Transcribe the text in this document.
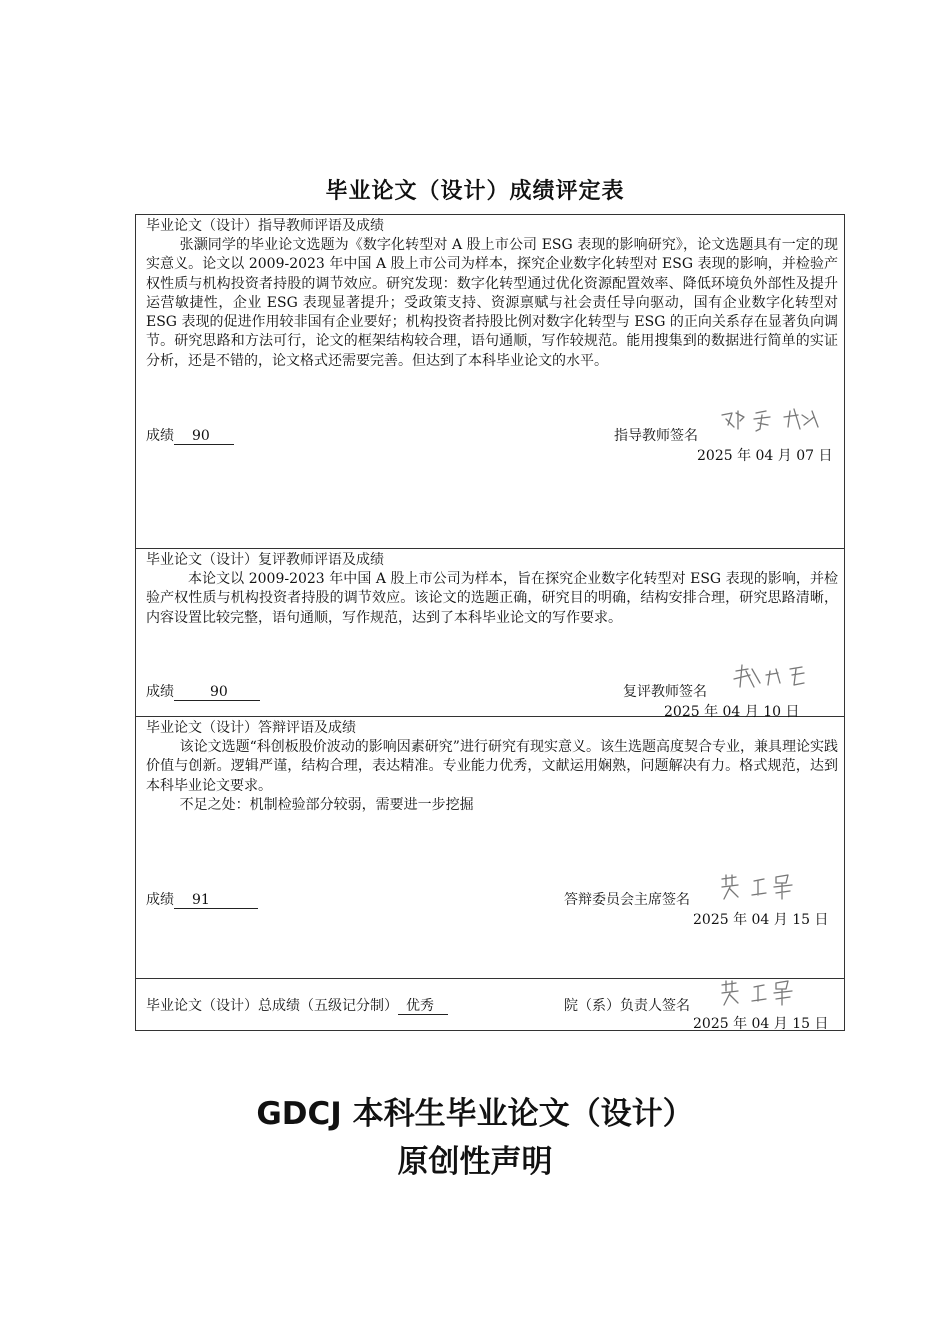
毕业论文（设计）成绩评定表
毕业论文（设计）指导教师评语及成绩

张灏同学的毕业论文选题为《数字化转型对 A 股上市公司 ESG 表现的影响研究》，论文选题具有一定的现实意义。论文以 2009-2023 年中国 A 股上市公司为样本，探究企业数字化转型对 ESG 表现的影响，并检验产权性质与机构投资者持股的调节效应。研究发现：数字化转型通过优化资源配置效率、降低环境负外部性及提升运营敏捷性，企业 ESG 表现显著提升；受政策支持、资源禀赋与社会责任导向驱动，国有企业数字化转型对 ESG 表现的促进作用较非国有企业要好；机构投资者持股比例对数字化转型与 ESG 的正向关系存在显著负向调节。研究思路和方法可行，论文的框架结构较合理，语句通顺，写作较规范。能用搜集到的数据进行简单的实证分析，还是不错的，论文格式还需要完善。但达到了本科毕业论文的水平。

成绩 90	指导教师签名
2025 年 04 月 07 日
毕业论文（设计）复评教师评语及成绩

本论文以 2009-2023 年中国 A 股上市公司为样本，旨在探究企业数字化转型对 ESG 表现的影响，并检验产权性质与机构投资者持股的调节效应。该论文的选题正确，研究目的明确，结构安排合理，研究思路清晰，内容设置比较完整，语句通顺，写作规范，达到了本科毕业论文的写作要求。

成绩	90	复评教师签名
2025 年 04 月 10 日
毕业论文（设计）答辩评语及成绩

该论文选题“科创板股价波动的影响因素研究”进行研究有现实意义。该生选题高度契合专业，兼具理论实践价值与创新。逻辑严谨，结构合理，表达精准。专业能力优秀，文献运用娴熟，问题解决有力。格式规范，达到本科毕业论文要求。

不足之处：机制检验部分较弱，需要进一步挖掘

成绩 91	答辩委员会主席签名
2025 年 04 月 15 日
毕业论文（设计）总成绩（五级记分制） 优秀	院（系）负责人签名
2025 年 04 月 15 日
GDCJ 本科生毕业论文（设计）
原创性声明
